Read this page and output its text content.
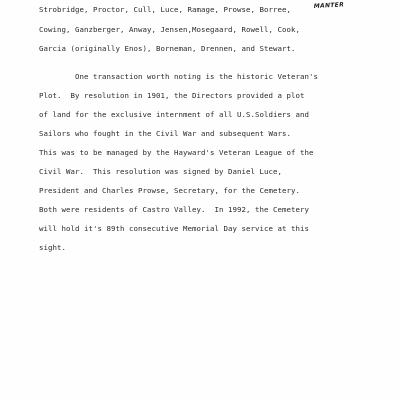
Strobridge, Proctor, Cull, Luce, Ramage, Prowse, Borree,	MANTER
Cowing, Ganzberger, Anway, Jensen,Mosegaard, Rowell, Cook,
Garcia (originally Enos), Borneman, Drennen, and Stewart.
One transaction worth noting is the historic Veteran's
Plot.  By resolution in 1901, the Directors provided a plot
of land for the exclusive internment of all U.S.Soldiers and
Sailors who fought in the Civil War and subsequent Wars.
This was to be managed by the Hayward's Veteran League of the
Civil War.  This resolution was signed by Daniel Luce,
President and Charles Prowse, Secretary, for the Cemetery.
Both were residents of Castro Valley.  In 1992, the Cemetery
will hold it's 89th consecutive Memorial Day service at this
sight.
